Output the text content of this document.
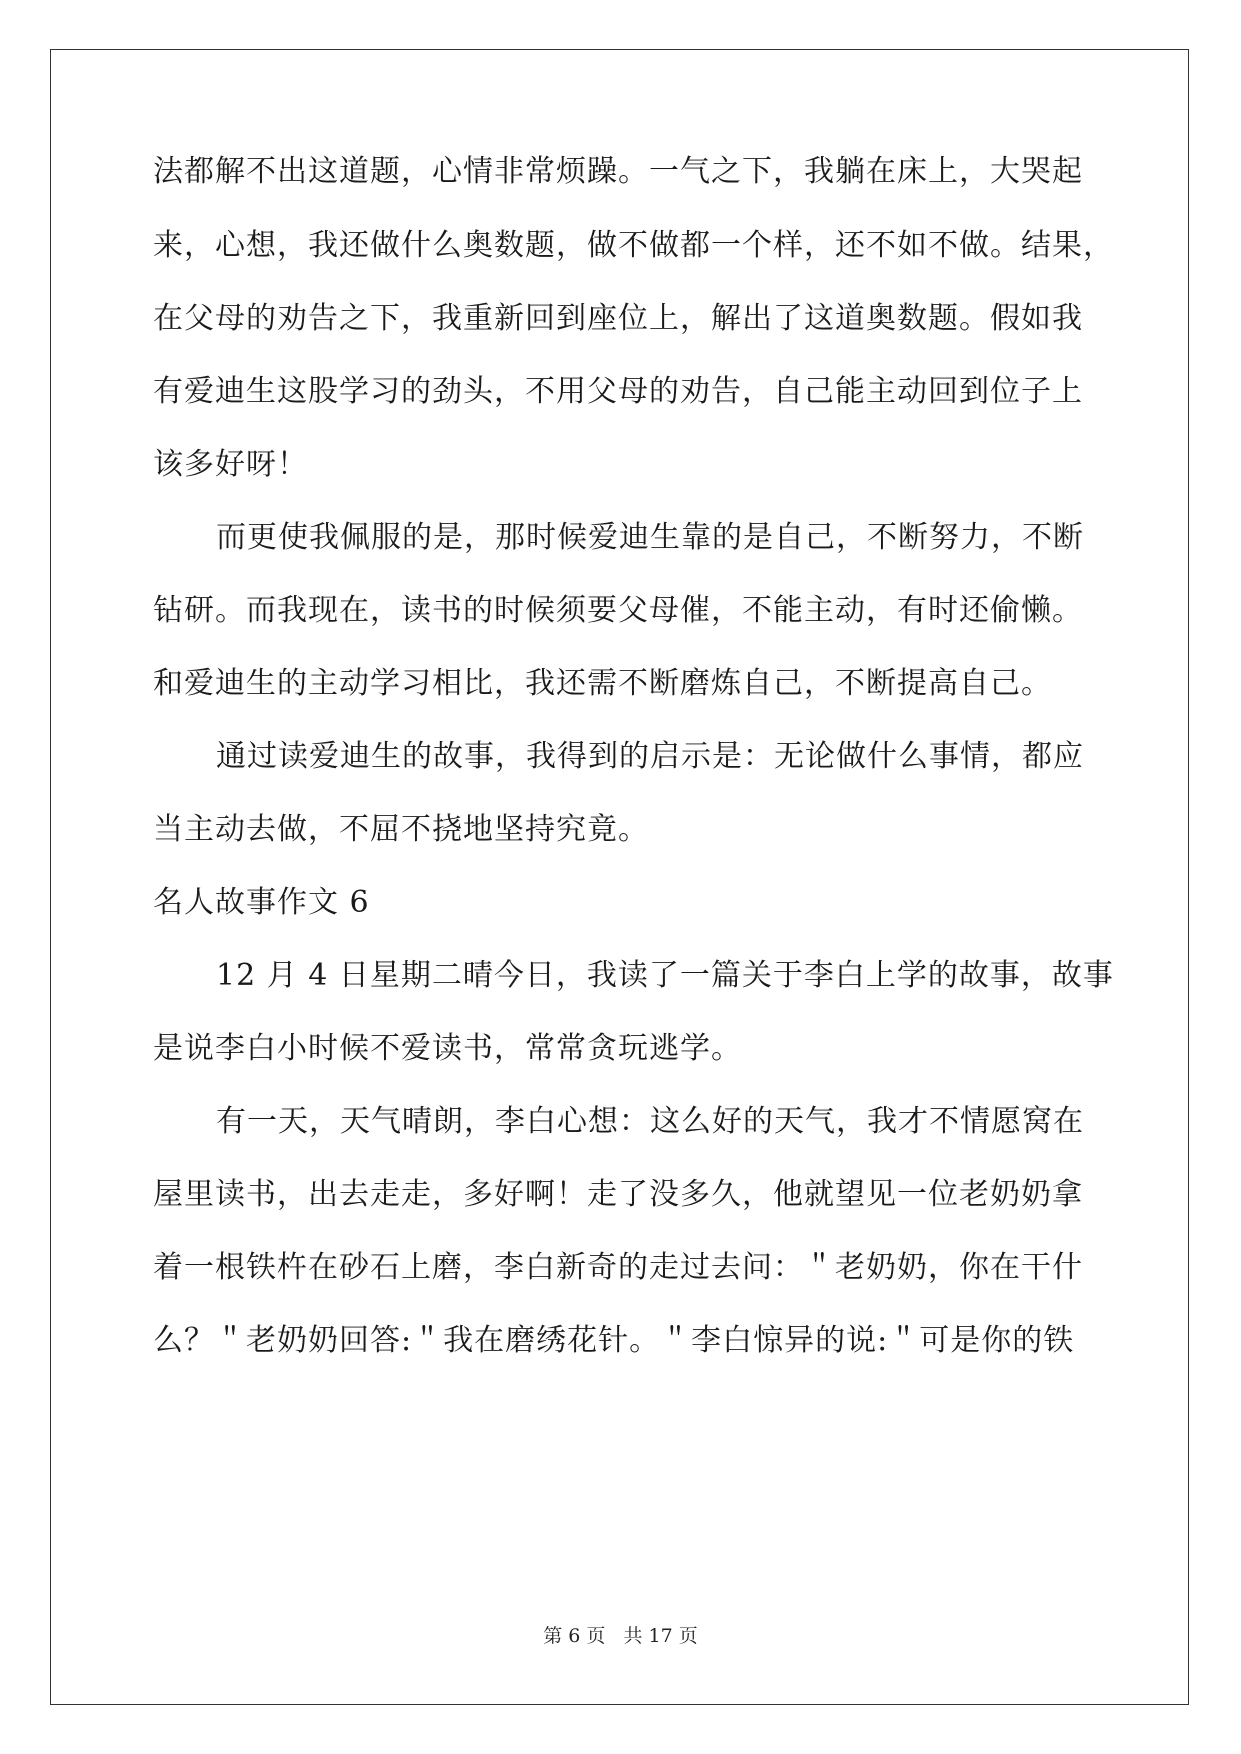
法都解不出这道题，心情非常烦躁。一气之下，我躺在床上，大哭起
来，心想，我还做什么奥数题，做不做都一个样，还不如不做。结果，
在父母的劝告之下，我重新回到座位上，解出了这道奥数题。假如我
有爱迪生这股学习的劲头，不用父母的劝告，自己能主动回到位子上
该多好呀！
而更使我佩服的是，那时候爱迪生靠的是自己，不断努力，不断
钻研。而我现在，读书的时候须要父母催，不能主动，有时还偷懒。
和爱迪生的主动学习相比，我还需不断磨炼自己，不断提高自己。
通过读爱迪生的故事，我得到的启示是：无论做什么事情，都应
当主动去做，不屈不挠地坚持究竟。
名人故事作文 6
12 月 4 日星期二晴今日，我读了一篇关于李白上学的故事，故事
是说李白小时候不爱读书，常常贪玩逃学。
有一天，天气晴朗，李白心想：这么好的天气，我才不情愿窝在
屋里读书，出去走走，多好啊！走了没多久，他就望见一位老奶奶拿
着一根铁杵在砂石上磨，李白新奇的走过去问：＂老奶奶，你在干什
么？＂老奶奶回答:＂我在磨绣花针。＂李白惊异的说:＂可是你的铁
第 6 页 共 17 页
